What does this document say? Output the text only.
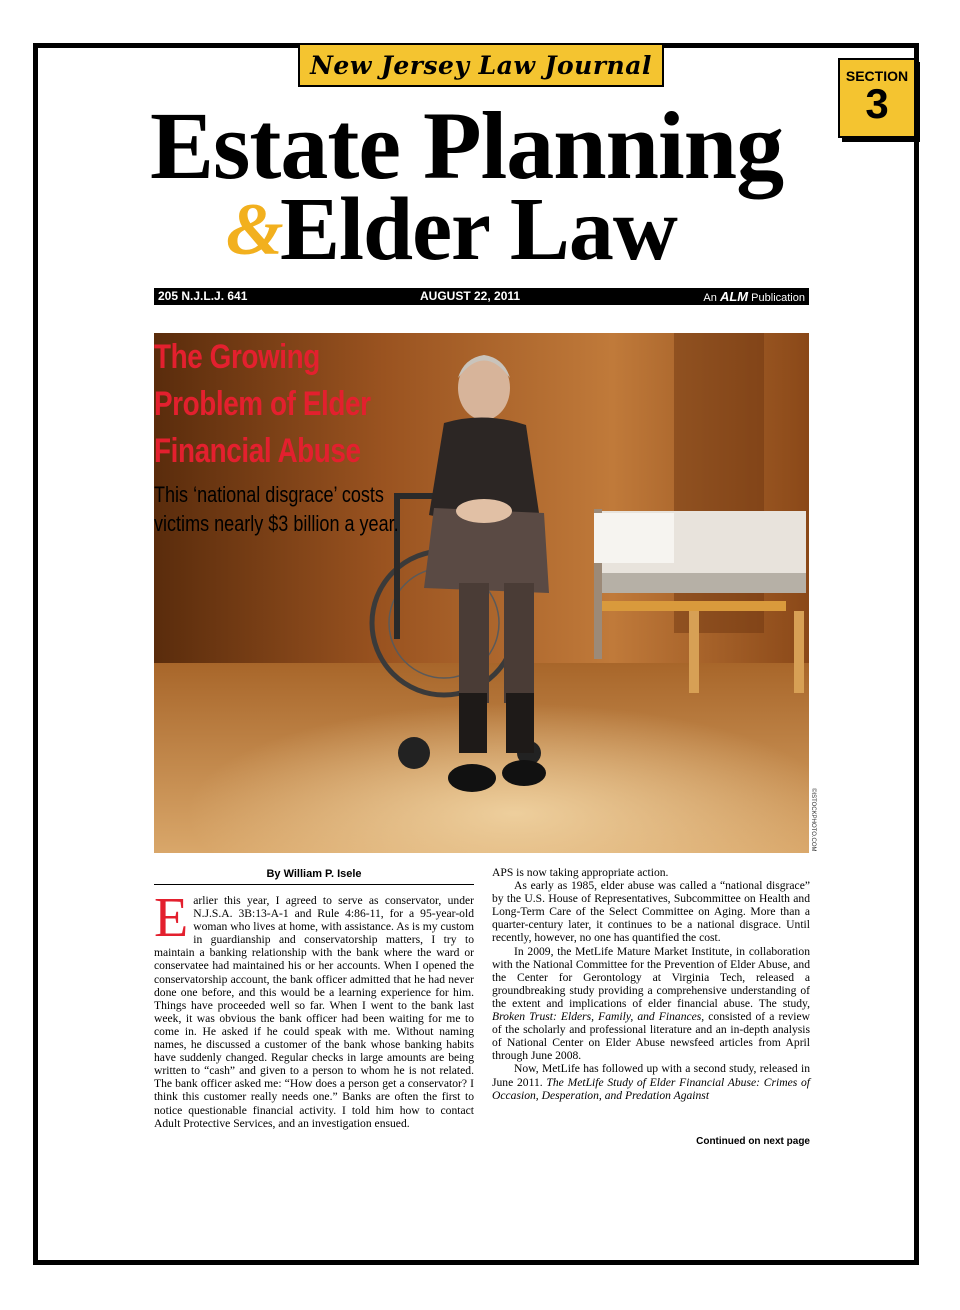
New Jersey Law Journal	SECTION
3
Estate Planning
&
Elder Law
205 N.J.L.J. 641	AUGUST 22, 2011	An ALM Publication
©ISTOCKPHOTO.COM
The Growing
Problem of Elder
Financial Abuse
This ‘national disgrace’ costs
victims nearly $3 billion a year.
By William P. Isele

Earlier this year, I agreed to serve as conservator, under N.J.S.A. 3B:13-A-1 and Rule 4:86-11, for a 95-year-old woman who lives at home, with assistance. As is my custom in guardianship and conservatorship matters, I try to maintain a banking relationship with the bank where the ward or conservatee had maintained his or her accounts. When I opened the conservatorship account, the bank officer admitted that he had never done one before, and this would be a learning experience for him. Things have proceeded well so far. When I went to the bank last week, it was obvious the bank officer had been waiting for me to come in. He asked if he could speak with me. Without naming names, he discussed a customer of the bank whose banking habits have suddenly changed. Regular checks in large amounts are being written to “cash” and given to a person to whom he is not related. The bank officer asked me: “How does a person get a conservator? I think this customer really needs one.” Banks are often the first to notice questionable financial activity. I told him how to contact Adult Protective Services, and an investigation ensued.

APS is now taking appropriate action.

As early as 1985, elder abuse was called a “national disgrace” by the U.S. House of Representatives, Subcommittee on Health and Long-Term Care of the Select Committee on Aging. More than a quarter-century later, it continues to be a national disgrace. Until recently, however, no one has quantified the cost.

In 2009, the MetLife Mature Market Institute, in collaboration with the National Committee for the Prevention of Elder Abuse, and the Center for Gerontology at Virginia Tech, released a groundbreaking study providing a comprehensive understanding of the extent and implications of elder financial abuse. The study, Broken Trust: Elders, Family, and Finances, consisted of a review of the scholarly and professional literature and an in-depth analysis of National Center on Elder Abuse newsfeed articles from April through June 2008.

Now, MetLife has followed up with a second study, released in June 2011. The MetLife Study of Elder Financial Abuse: Crimes of Occasion, Desperation, and Predation Against

Continued on next page
